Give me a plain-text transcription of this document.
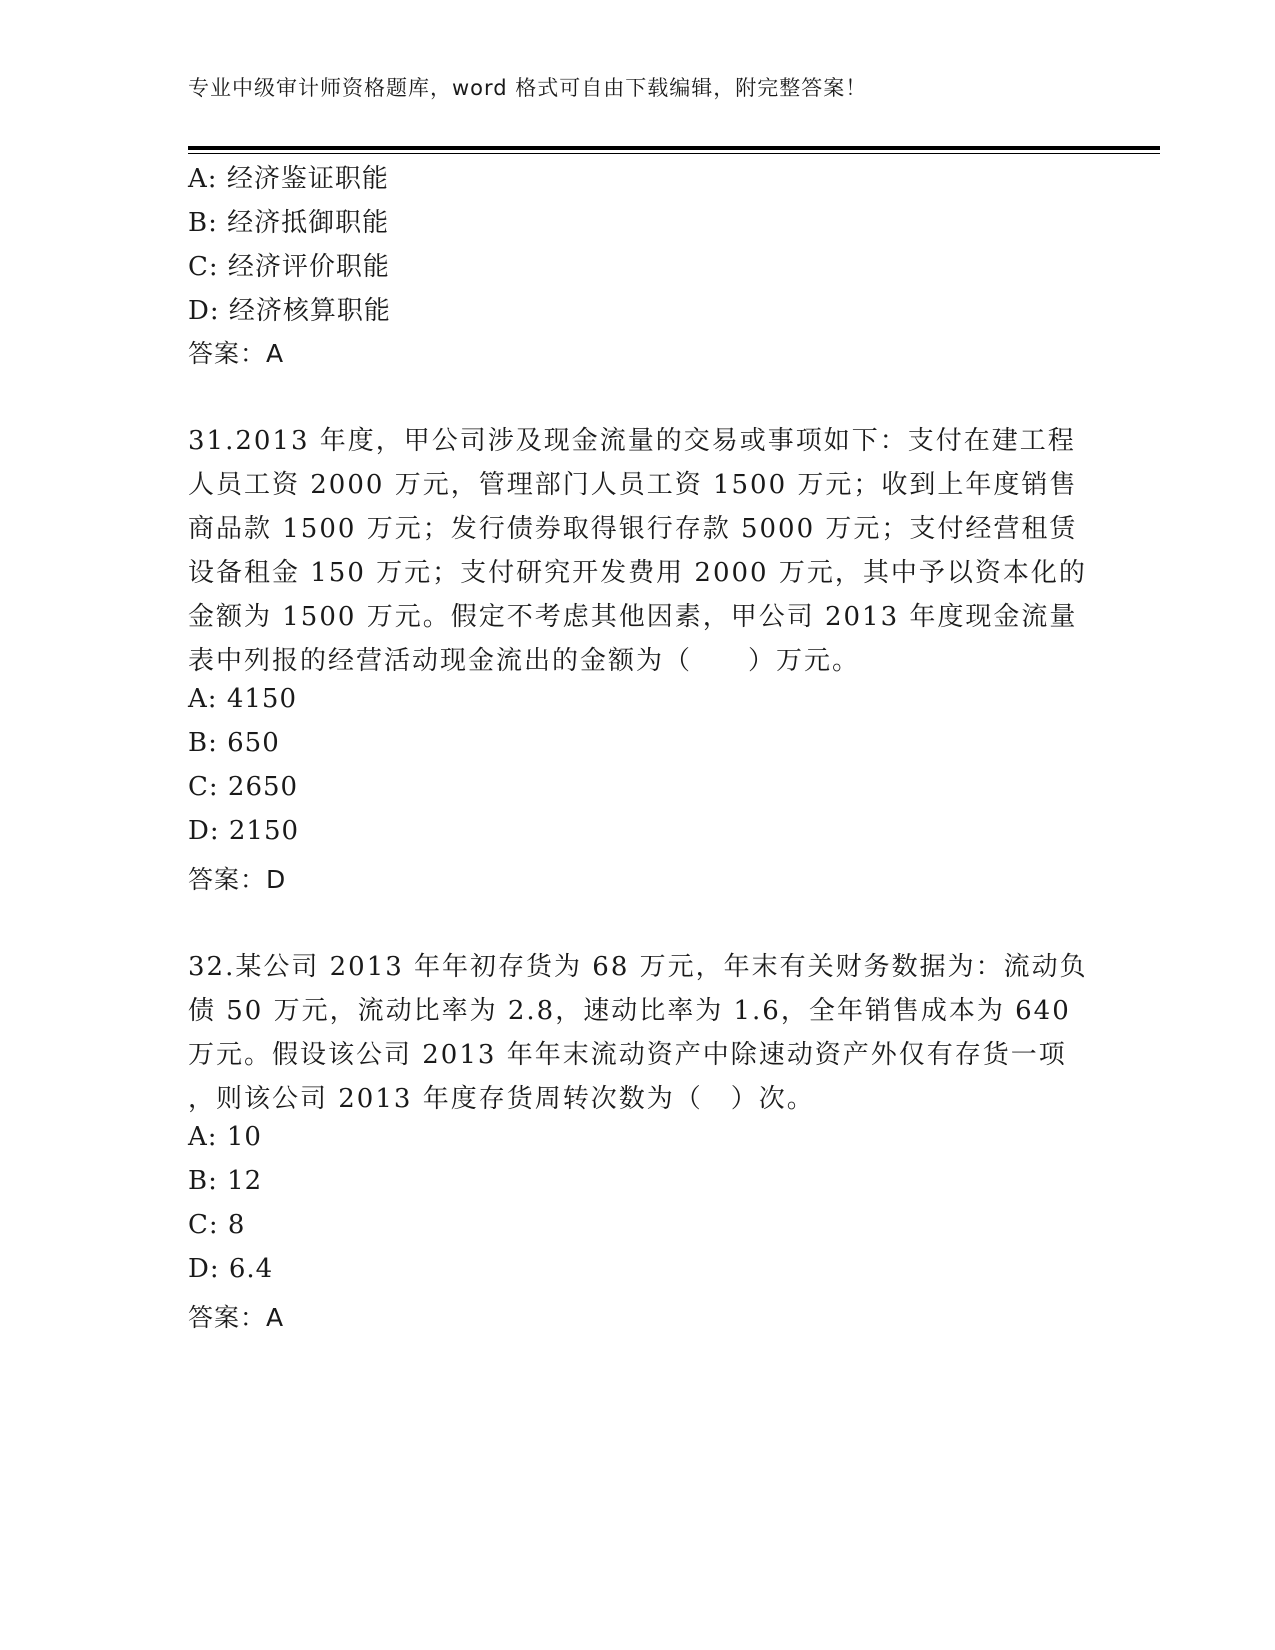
专业中级审计师资格题库，word 格式可自由下载编辑，附完整答案！
A: 经济鉴证职能
B: 经济抵御职能
C: 经济评价职能
D: 经济核算职能
答案：A
31.2013 年度，甲公司涉及现金流量的交易或事项如下：支付在建工程
人员工资 2000 万元，管理部门人员工资 1500 万元；收到上年度销售
商品款 1500 万元；发行债券取得银行存款 5000 万元；支付经营租赁
设备租金 150 万元；支付研究开发费用 2000 万元，其中予以资本化的
金额为 1500 万元。假定不考虑其他因素，甲公司 2013 年度现金流量
表中列报的经营活动现金流出的金额为（　　）万元。
A: 4150
B: 650
C: 2650
D: 2150
答案：D
32.某公司 2013 年年初存货为 68 万元，年末有关财务数据为：流动负
债 50 万元，流动比率为 2.8，速动比率为 1.6，全年销售成本为 640
万元。假设该公司 2013 年年末流动资产中除速动资产外仅有存货一项
，则该公司 2013 年度存货周转次数为（　）次。
A: 10
B: 12
C: 8
D: 6.4
答案：A
